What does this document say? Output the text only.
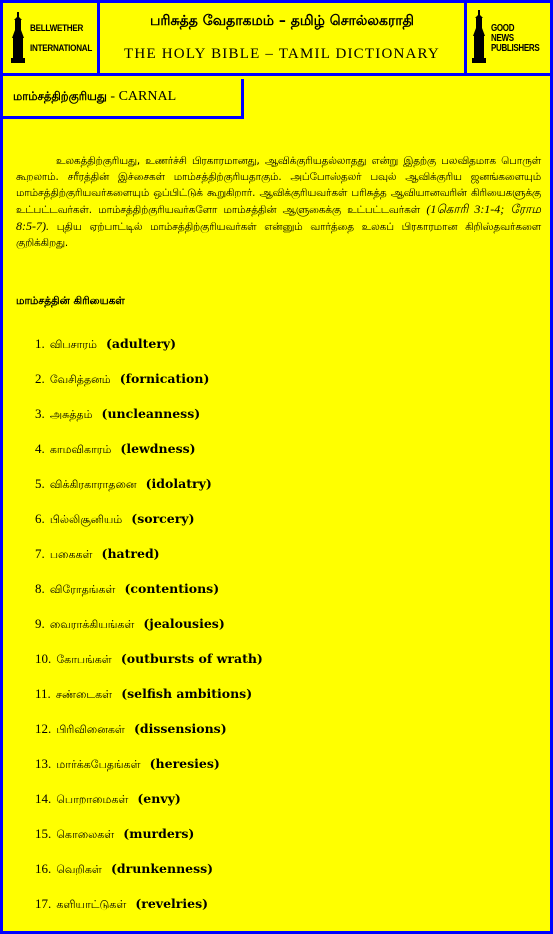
BELLWETHER
INTERNATIONAL
பரிசுத்த வேதாகமம் – தமிழ் சொல்லகராதி
THE HOLY BIBLE – TAMIL DICTIONARY
GOOD NEWS
PUBLISHERS
மாம்சத்திற்குரியது - CARNAL
உலகத்திற்குரியது, உணர்ச்சி பிரகாரமானது, ஆவிக்குரியதல்லாதது என்று இதற்கு பலவிதமாக பொருள் கூறலாம். சரீரத்தின் இச்சைகள் மாம்சத்திற்குரியதாகும். அப்போஸ்தலர் பவுல் ஆவிக்குரிய ஜனங்களையும் மாம்சத்திற்குரியவர்களையும் ஒப்பிட்டுக் கூறுகிறார். ஆவிக்குரியவர்கள் பரிசுத்த ஆவியானவரின் கிரியைகளுக்கு உட்பட்டவர்கள். மாம்சத்திற்குரியவர்களோ மாம்சத்தின் ஆளுகைக்கு உட்பட்டவர்கள் (1கொரி 3:1-4; ரோம 8:5-7). புதிய ஏற்பாட்டில் மாம்சத்திற்குரியவர்கள் என்னும் வார்த்தை உலகப் பிரகாரமான கிறிஸ்தவர்களை குறிக்கிறது.
மாம்சத்தின் கிரியைகள்
1. விபசாரம் (adultery)
2. வேசித்தனம் (fornication)
3. அசுத்தம் (uncleanness)
4. காமவிகாரம் (lewdness)
5. விக்கிரகாராதனை (idolatry)
6. பில்லிசூனியம் (sorcery)
7. பகைகள் (hatred)
8. விரோதங்கள் (contentions)
9. வைராக்கியங்கள் (jealousies)
10. கோபங்கள் (outbursts of wrath)
11. சண்டைகள் (selfish ambitions)
12. பிரிவினைகள் (dissensions)
13. மார்க்கபேதங்கள் (heresies)
14. பொறாமைகள் (envy)
15. கொலைகள் (murders)
16. வெறிகள் (drunkenness)
17. களியாட்டுகள் (revelries)
